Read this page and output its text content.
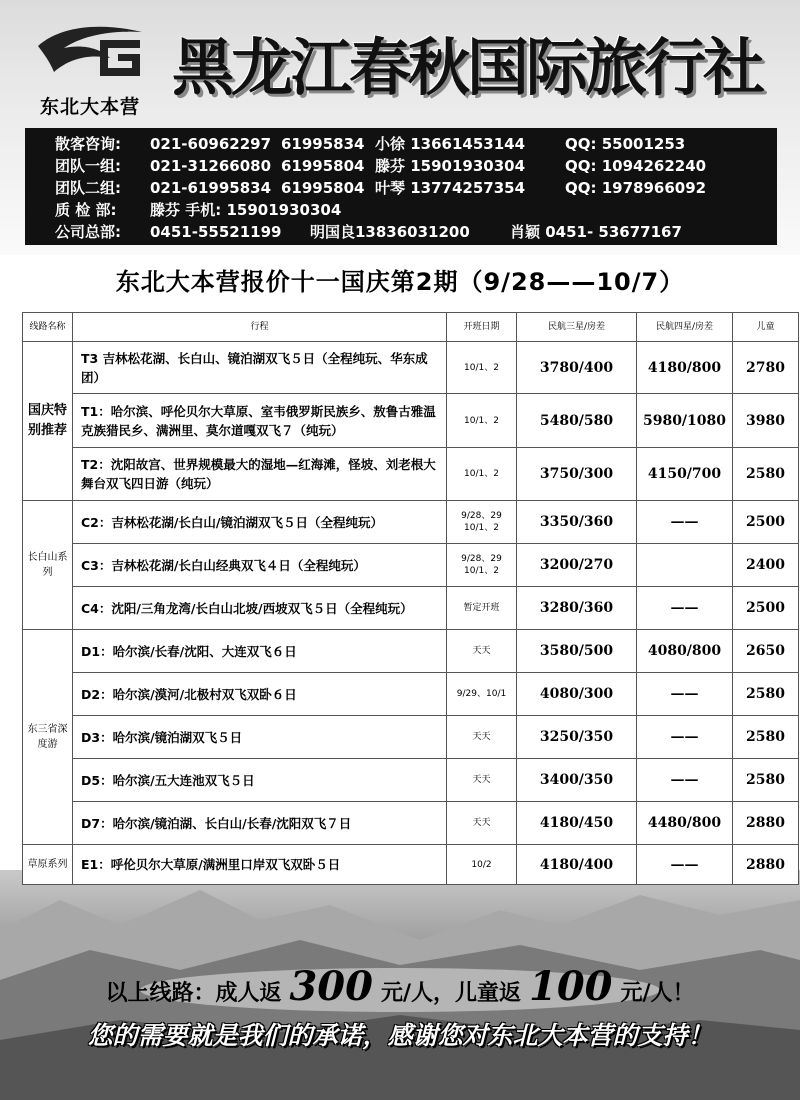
东北大本营
黑龙江春秋国际旅行社
散客咨询: 021-60962297 61995834 小徐 13661453144	QQ: 55001253
团队一组: 021-31266080 61995804 滕芬 15901930304	QQ: 1094262240
团队二组: 021-61995834 61995804 叶琴 13774257354	QQ: 1978966092
质 检 部: 滕芬 手机: 15901930304
公司总部: 0451-55521199 明国良13836031200	肖颖 0451- 53677167
东北大本营报价十一国庆第2期（9/28——10/7）
线路名称	行程	开班日期	民航三星/房差	民航四星/房差	儿童
国庆特别推荐	T3 吉林松花湖、长白山、镜泊湖双飞５日（全程纯玩、华东成团）	10/1、2	3780/400	4180/800	2780
	T1：哈尔滨、呼伦贝尔大草原、室韦俄罗斯民族乡、敖鲁古雅温克族猎民乡、满洲里、莫尔道嘎双飞７（纯玩）	10/1、2	5480/580	5980/1080	3980
	T2：沈阳故宫、世界规模最大的湿地—红海滩，怪坡、刘老根大舞台双飞四日游（纯玩）	10/1、2	3750/300	4150/700	2580
长白山系列	C2：吉林松花湖/长白山/镜泊湖双飞５日（全程纯玩）	9/28、29 10/1、2	3350/360	——	2500
	C3：吉林松花湖/长白山经典双飞４日（全程纯玩）	9/28、29 10/1、2	3200/270		2400
	C4：沈阳/三角龙湾/长白山北坡/西坡双飞５日（全程纯玩）	暂定开班	3280/360	——	2500
东三省深度游	D1：哈尔滨/长春/沈阳、大连双飞６日	天天	3580/500	4080/800	2650
	D2：哈尔滨/漠河/北极村双飞双卧６日	9/29、10/1	4080/300	——	2580
	D3：哈尔滨/镜泊湖双飞５日	天天	3250/350	——	2580
	D5：哈尔滨/五大连池双飞５日	天天	3400/350	——	2580
	D7：哈尔滨/镜泊湖、长白山/长春/沈阳双飞７日	天天	4180/450	4480/800	2880
草原系列	E1：呼伦贝尔大草原/满洲里口岸双飞双卧５日	10/2	4180/400	——	2880
以上线路：成人返 300 元/人，儿童返 100 元/人！
您的需要就是我们的承诺，感谢您对东北大本营的支持！
